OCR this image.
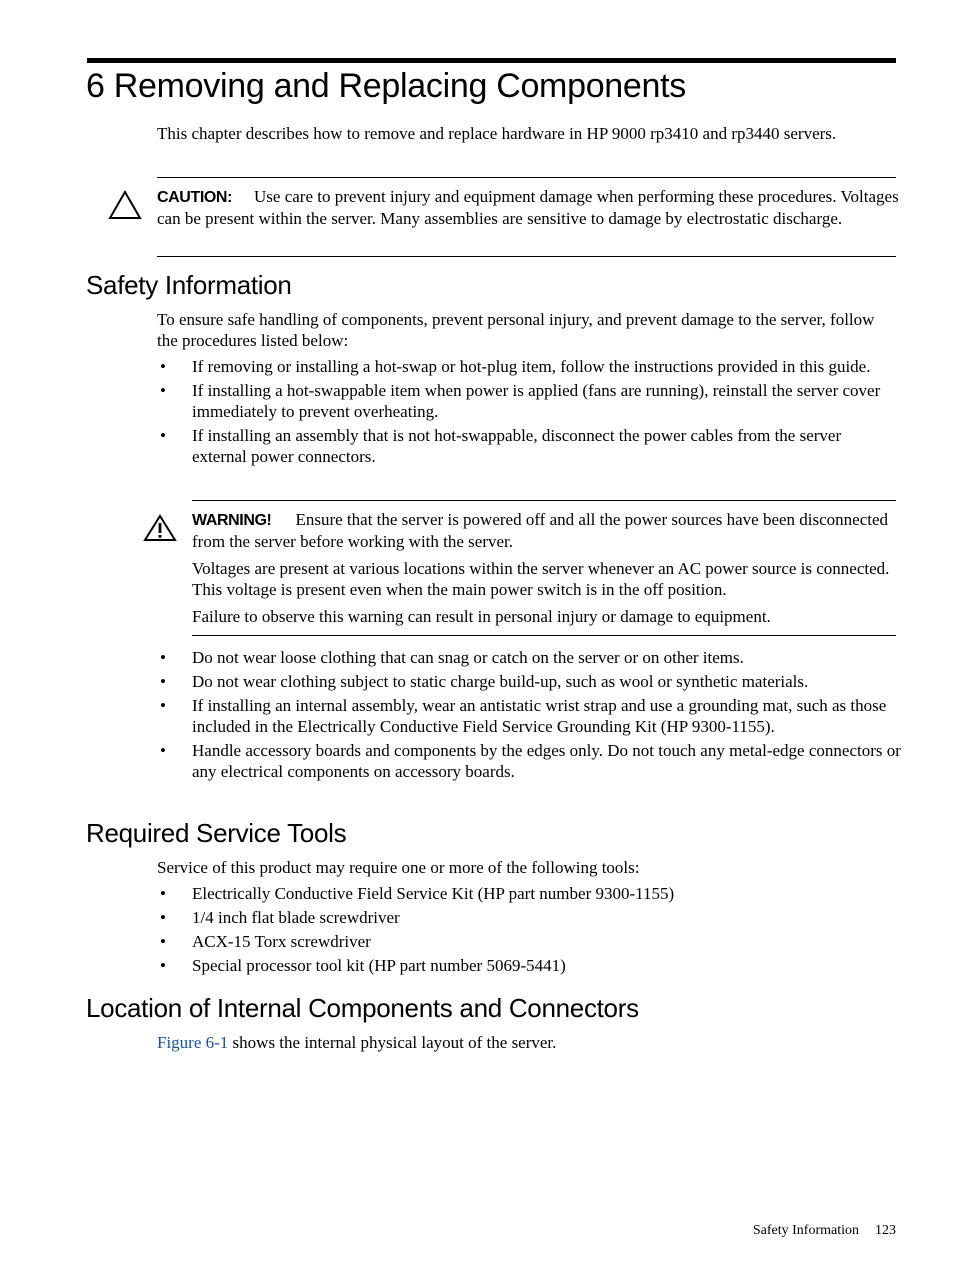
6 Removing and Replacing Components

This chapter describes how to remove and replace hardware in HP 9000 rp3410 and rp3440 servers.

CAUTION: Use care to prevent injury and equipment damage when performing these procedures. Voltages can be present within the server. Many assemblies are sensitive to damage by electrostatic discharge.

Safety Information

To ensure safe handling of components, prevent personal injury, and prevent damage to the server, follow the procedures listed below:

• If removing or installing a hot-swap or hot-plug item, follow the instructions provided in this guide.
• If installing a hot-swappable item when power is applied (fans are running), reinstall the server cover immediately to prevent overheating.
• If installing an assembly that is not hot-swappable, disconnect the power cables from the server external power connectors.

WARNING! Ensure that the server is powered off and all the power sources have been disconnected from the server before working with the server.

Voltages are present at various locations within the server whenever an AC power source is connected. This voltage is present even when the main power switch is in the off position.

Failure to observe this warning can result in personal injury or damage to equipment.

• Do not wear loose clothing that can snag or catch on the server or on other items.
• Do not wear clothing subject to static charge build-up, such as wool or synthetic materials.
• If installing an internal assembly, wear an antistatic wrist strap and use a grounding mat, such as those included in the Electrically Conductive Field Service Grounding Kit (HP 9300-1155).
• Handle accessory boards and components by the edges only. Do not touch any metal-edge connectors or any electrical components on accessory boards.
Required Service Tools

Service of this product may require one or more of the following tools:

• Electrically Conductive Field Service Kit (HP part number 9300-1155)
• 1/4 inch flat blade screwdriver
• ACX-15 Torx screwdriver
• Special processor tool kit (HP part number 5069-5441)
Location of Internal Components and Connectors

Figure 6-1 shows the internal physical layout of the server.

Safety Information 123
